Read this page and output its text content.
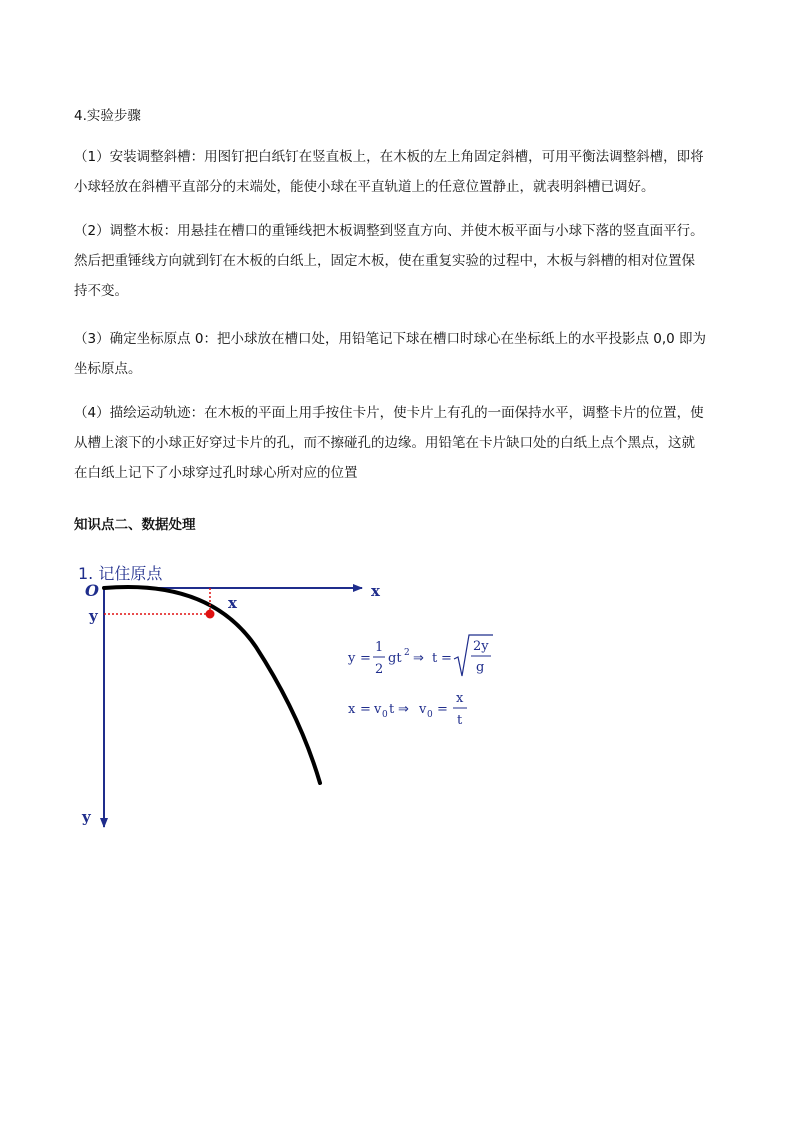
4.实验步骤

（1）安装调整斜槽：用图钉把白纸钉在竖直板上，在木板的左上角固定斜槽，可用平衡法调整斜槽，即将
小球轻放在斜槽平直部分的末端处，能使小球在平直轨道上的任意位置静止，就表明斜槽已调好。

（2）调整木板：用悬挂在槽口的重锤线把木板调整到竖直方向、并使木板平面与小球下落的竖直面平行。
然后把重锤线方向就到钉在木板的白纸上，固定木板，使在重复实验的过程中，木板与斜槽的相对位置保
持不变。

（3）确定坐标原点 0：把小球放在槽口处，用铅笔记下球在槽口时球心在坐标纸上的水平投影点 0,0 即为
坐标原点。

（4）描绘运动轨迹：在木板的平面上用手按住卡片，使卡片上有孔的一面保持水平，调整卡片的位置，使
从槽上滚下的小球正好穿过卡片的孔，而不擦碰孔的边缘。用铅笔在卡片缺口处的白纸上点个黑点，这就
在白纸上记下了小球穿过孔时球心所对应的位置

知识点二、数据处理
1. 记住原点
O	x
y
x
y
y =
1
2
gt 2 ⇒ t =
2y
g
x = v 0 t ⇒ v 0 =
x
t
